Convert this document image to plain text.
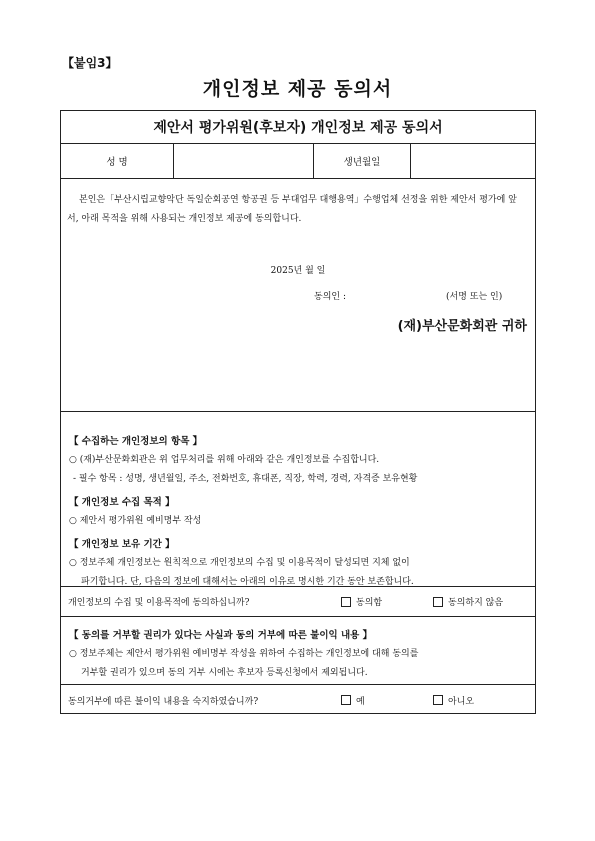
【붙임3】
개인정보 제공 동의서
제안서 평가위원(후보자) 개인정보 제공 동의서
성 명	생년월일
본인은「부산시립교향악단 독일순회공연 항공권 등 부대업무 대행용역」수행업체 선정을 위한 제안서 평가에 앞서, 아래 목적을 위해 사용되는 개인정보 제공에 동의합니다.
2025년 월 일
동의인 :	(서명 또는 인)
(재)부산문화회관 귀하
【 수집하는 개인정보의 항목 】
○ (재)부산문화회관은 위 업무처리를 위해 아래와 같은 개인정보를 수집합니다.
- 필수 항목 : 성명, 생년월일, 주소, 전화번호, 휴대폰, 직장, 학력, 경력, 자격증 보유현황
【 개인정보 수집 목적 】
○ 제안서 평가위원 예비명부 작성
【 개인정보 보유 기간 】
○ 정보주체 개인정보는 원칙적으로 개인정보의 수집 및 이용목적이 달성되면 지체 없이
파기합니다. 단, 다음의 정보에 대해서는 아래의 이유로 명시한 기간 동안 보존합니다.
개인정보의 수집 및 이용목적에 동의하십니까?	동의함	동의하지 않음
【 동의를 거부할 권리가 있다는 사실과 동의 거부에 따른 불이익 내용 】
○ 정보주체는 제안서 평가위원 예비명부 작성을 위하여 수집하는 개인정보에 대해 동의를
거부할 권리가 있으며 동의 거부 시에는 후보자 등록신청에서 제외됩니다.
동의거부에 따른 불이익 내용을 숙지하였습니까?	예	아니오
